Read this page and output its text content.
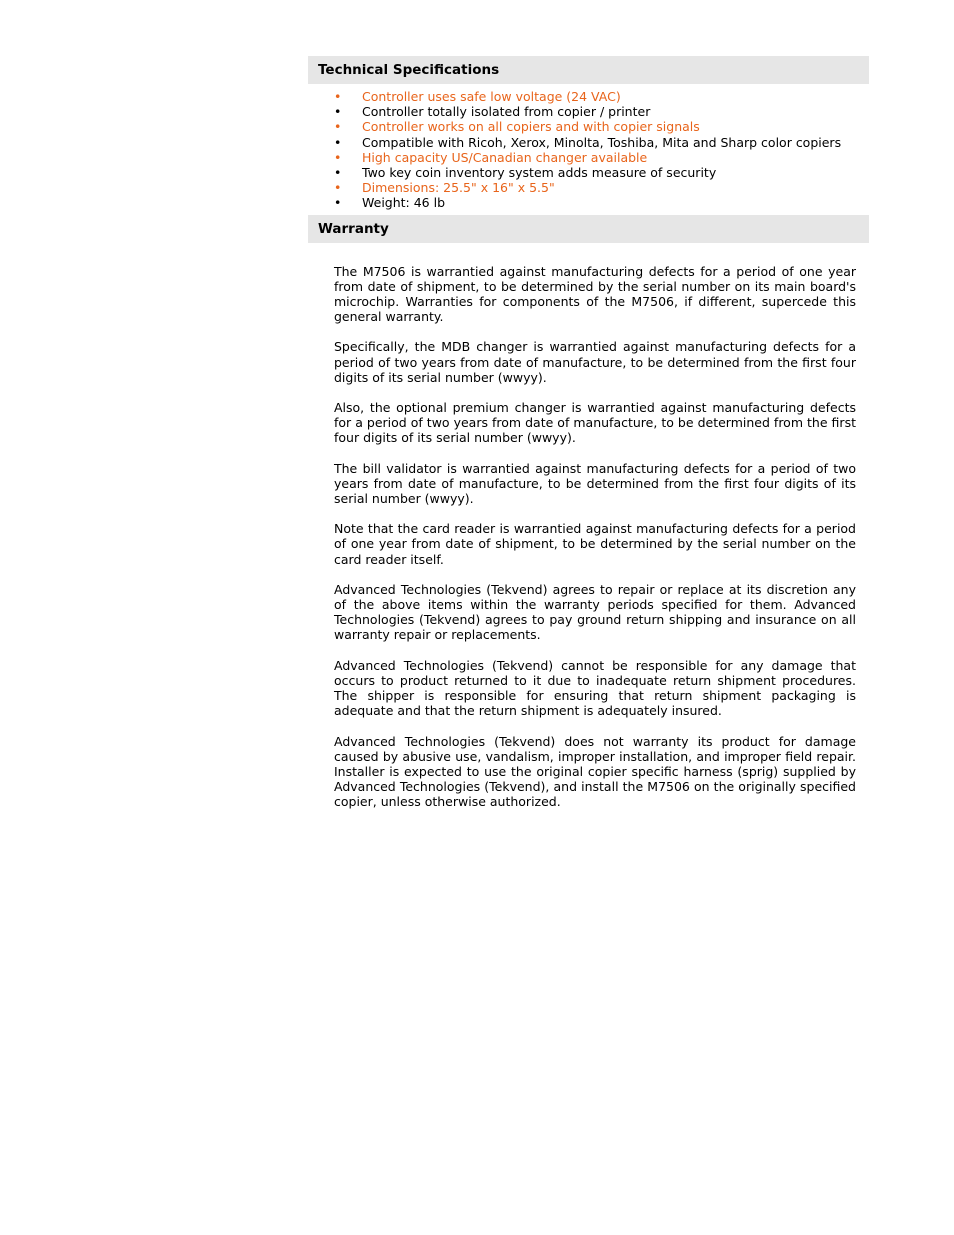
Technical Specifications
• Controller uses safe low voltage (24 VAC)
• Controller totally isolated from copier / printer
• Controller works on all copiers and with copier signals
• Compatible with Ricoh, Xerox, Minolta, Toshiba, Mita and Sharp color copiers
• High capacity US/Canadian changer available
• Two key coin inventory system adds measure of security
• Dimensions: 25.5" x 16" x 5.5"
• Weight: 46 lb
Warranty

The M7506 is warrantied against manufacturing defects for a period of one year from date of shipment, to be determined by the serial number on its main board's microchip. Warranties for components of the M7506, if different, supercede this general warranty.

Specifically, the MDB changer is warrantied against manufacturing defects for a period of two years from date of manufacture, to be determined from the first four digits of its serial number (wwyy).

Also, the optional premium changer is warrantied against manufacturing defects for a period of two years from date of manufacture, to be determined from the first four digits of its serial number (wwyy).

The bill validator is warrantied against manufacturing defects for a period of two years from date of manufacture, to be determined from the first four digits of its serial number (wwyy).

Note that the card reader is warrantied against manufacturing defects for a period of one year from date of shipment, to be determined by the serial number on the card reader itself.

Advanced Technologies (Tekvend) agrees to repair or replace at its discretion any of the above items within the warranty periods specified for them. Advanced Technologies (Tekvend) agrees to pay ground return shipping and insurance on all warranty repair or replacements.

Advanced Technologies (Tekvend) cannot be responsible for any damage that occurs to product returned to it due to inadequate return shipment procedures. The shipper is responsible for ensuring that return shipment packaging is adequate and that the return shipment is adequately insured.

Advanced Technologies (Tekvend) does not warranty its product for damage caused by abusive use, vandalism, improper installation, and improper field repair. Installer is expected to use the original copier specific harness (sprig) supplied by Advanced Technologies (Tekvend), and install the M7506 on the originally specified copier, unless otherwise authorized.
